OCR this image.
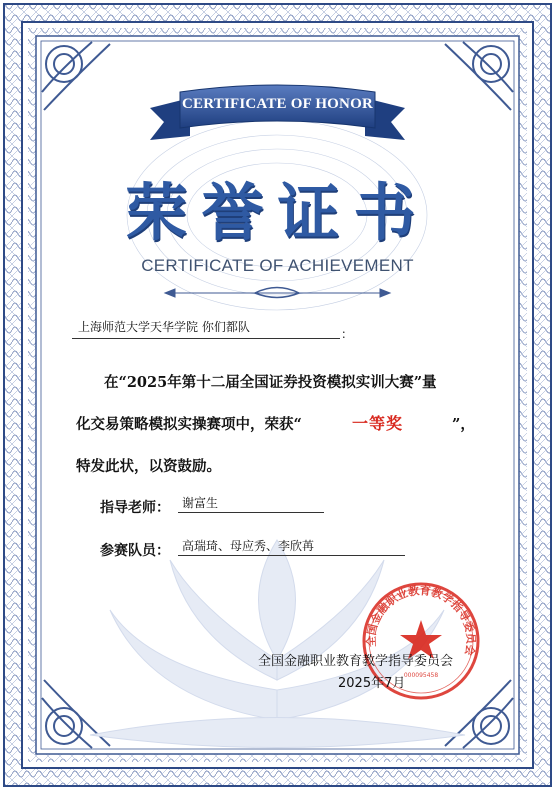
CERTIFICATE OF HONOR
荣誉证书
CERTIFICATE OF ACHIEVEMENT
上海师范大学天华学院 你们都队	：
在“2025年第十二届全国证券投资模拟实训大赛”量
化交易策略模拟实操赛项中，荣获“	一等奖	”，
特发此状，以资鼓励。
指导老师： 谢富生
参赛队员： 高瑞琦、母应秀、李欣苒
全国金融职业教育教学指导委员会
000095458
全国金融职业教育教学指导委员会
2025年7月
